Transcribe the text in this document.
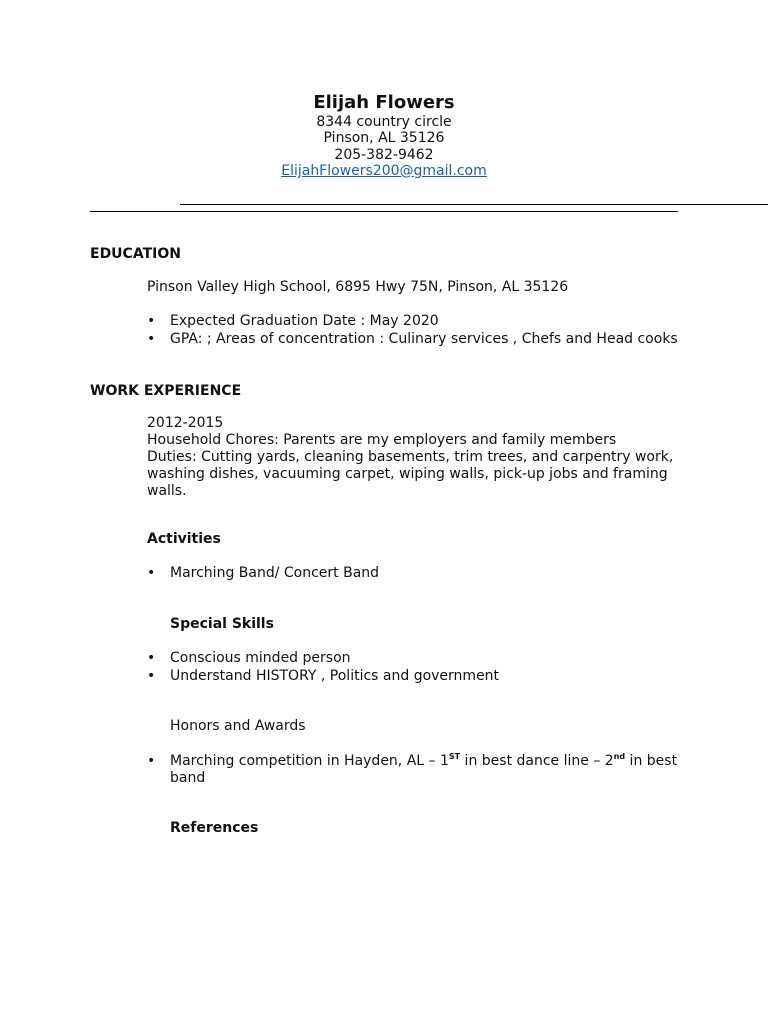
Elijah Flowers
8344 country circle
Pinson, AL 35126
205-382-9462
ElijahFlowers200@gmail.com
EDUCATION
Pinson Valley High School, 6895 Hwy 75N, Pinson, AL 35126
• Expected Graduation Date : May 2020
• GPA: ; Areas of concentration : Culinary services , Chefs and Head cooks
WORK EXPERIENCE
2012-2015
Household Chores: Parents are my employers and family members
Duties: Cutting yards, cleaning basements, trim trees, and carpentry work, washing dishes, vacuuming carpet, wiping walls, pick-up jobs and framing walls.
Activities
• Marching Band/ Concert Band
Special Skills
• Conscious minded person
• Understand HISTORY , Politics and government
Honors and Awards
• Marching competition in Hayden, AL – 1ST in best dance line – 2nd in best band
References
